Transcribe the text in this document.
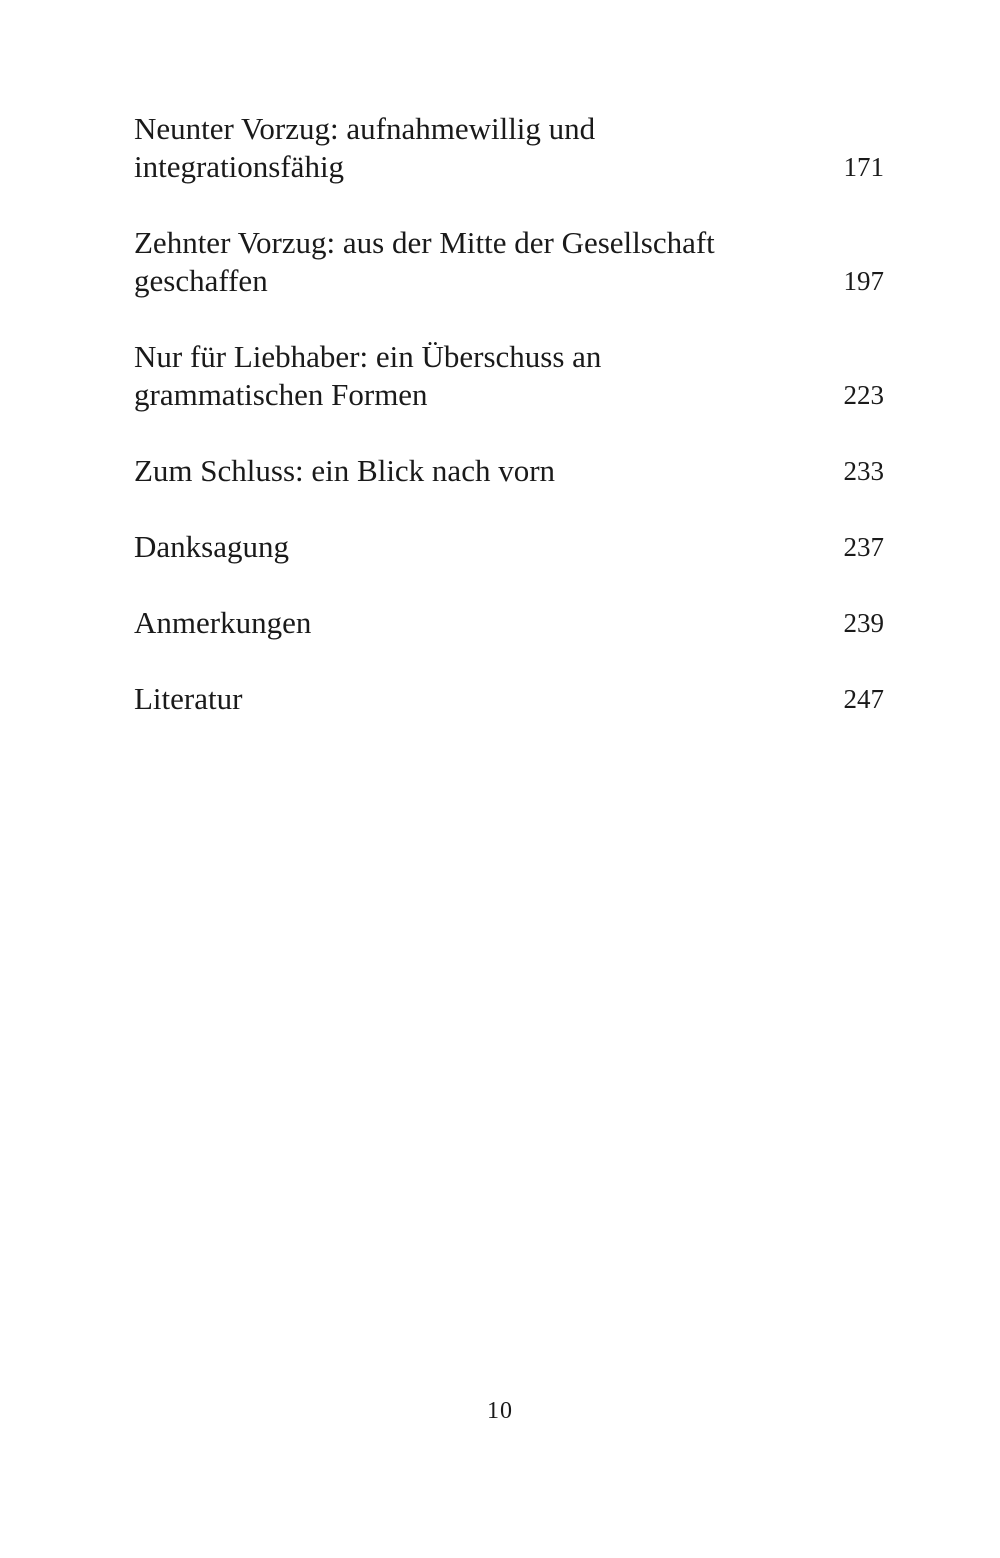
Neunter Vorzug: aufnahmewillig und
integrationsfähig	171
Zehnter Vorzug: aus der Mitte der Gesellschaft
geschaffen	197
Nur für Liebhaber: ein Überschuss an
grammatischen Formen	223
Zum Schluss: ein Blick nach vorn	233
Danksagung	237
Anmerkungen	239
Literatur	247
10
